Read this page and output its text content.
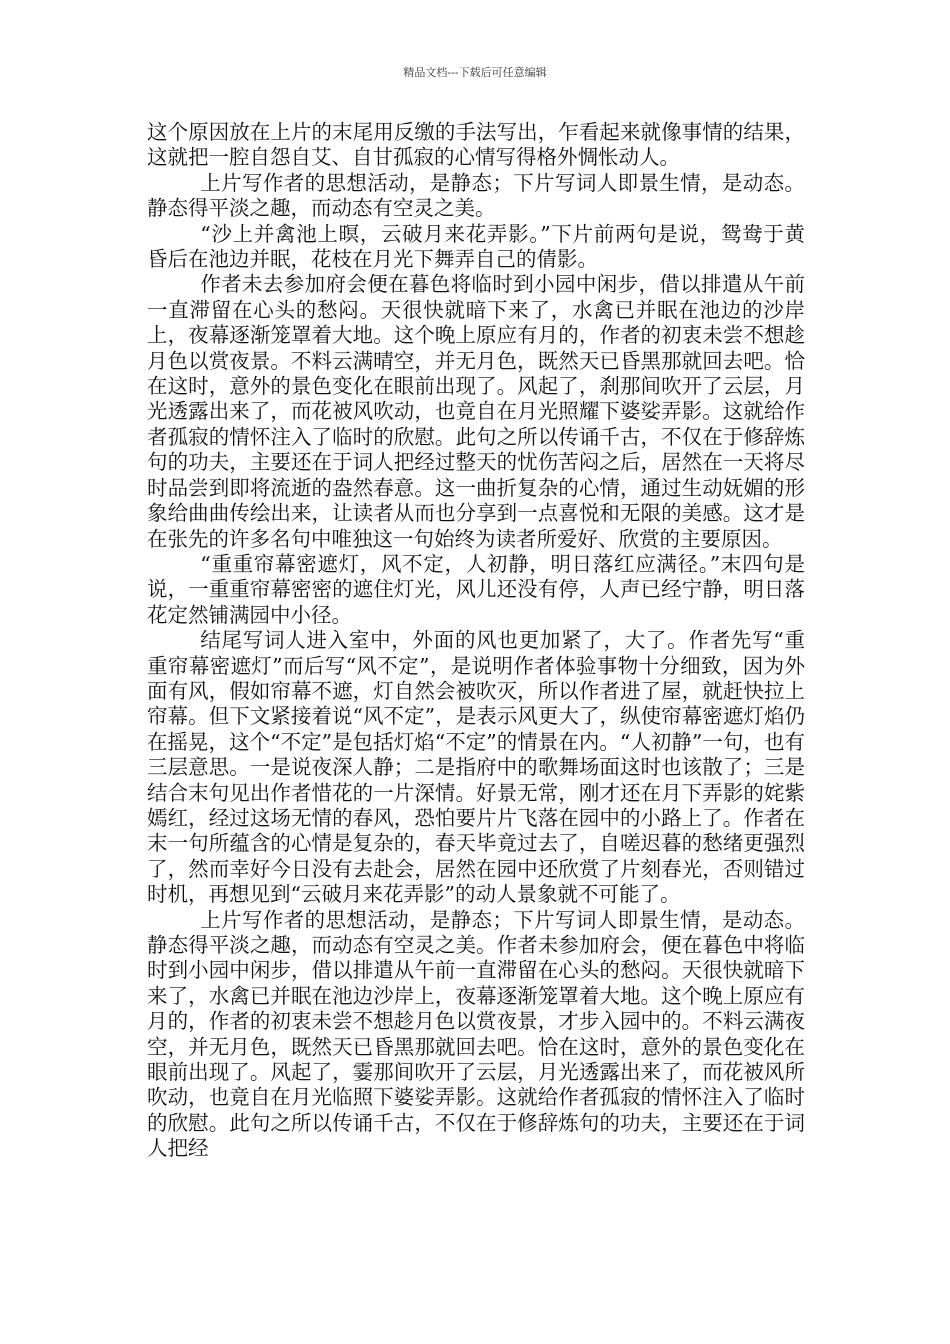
精品文档---下载后可任意编辑

这个原因放在上片的末尾用反缴的手法写出，乍看起来就像事情的结果，这就把一腔自怨自艾、自甘孤寂的心情写得格外惆怅动人。

上片写作者的思想活动，是静态；下片写词人即景生情，是动态。静态得平淡之趣，而动态有空灵之美。

“沙上并禽池上暝，云破月来花弄影。”下片前两句是说，鸳鸯于黄昏后在池边并眠，花枝在月光下舞弄自己的倩影。

作者未去参加府会便在暮色将临时到小园中闲步，借以排遣从午前一直滞留在心头的愁闷。天很快就暗下来了，水禽已并眠在池边的沙岸上，夜幕逐渐笼罩着大地。这个晚上原应有月的，作者的初衷未尝不想趁月色以赏夜景。不料云满晴空，并无月色，既然天已昏黑那就回去吧。恰在这时，意外的景色变化在眼前出现了。风起了，刹那间吹开了云层，月光透露出来了，而花被风吹动，也竟自在月光照耀下婆娑弄影。这就给作者孤寂的情怀注入了临时的欣慰。此句之所以传诵千古，不仅在于修辞炼句的功夫，主要还在于词人把经过整天的忧伤苦闷之后，居然在一天将尽时品尝到即将流逝的盎然春意。这一曲折复杂的心情，通过生动妩媚的形象给曲曲传绘出来，让读者从而也分享到一点喜悦和无限的美感。这才是在张先的许多名句中唯独这一句始终为读者所爱好、欣赏的主要原因。

“重重帘幕密遮灯，风不定，人初静，明日落红应满径。”末四句是说，一重重帘幕密密的遮住灯光，风儿还没有停，人声已经宁静，明日落花定然铺满园中小径。

结尾写词人进入室中，外面的风也更加紧了，大了。作者先写“重重帘幕密遮灯”而后写“风不定”，是说明作者体验事物十分细致，因为外面有风，假如帘幕不遮，灯自然会被吹灭，所以作者进了屋，就赶快拉上帘幕。但下文紧接着说“风不定”，是表示风更大了，纵使帘幕密遮灯焰仍在摇晃，这个“不定”是包括灯焰“不定”的情景在内。“人初静”一句，也有三层意思。一是说夜深人静；二是指府中的歌舞场面这时也该散了；三是结合末句见出作者惜花的一片深情。好景无常，刚才还在月下弄影的姹紫嫣红，经过这场无情的春风，恐怕要片片飞落在园中的小路上了。作者在末一句所蕴含的心情是复杂的，春天毕竟过去了，自嗟迟暮的愁绪更强烈了，然而幸好今日没有去赴会，居然在园中还欣赏了片刻春光，否则错过时机，再想见到“云破月来花弄影”的动人景象就不可能了。

上片写作者的思想活动，是静态；下片写词人即景生情，是动态。静态得平淡之趣，而动态有空灵之美。作者未参加府会，便在暮色中将临时到小园中闲步，借以排遣从午前一直滞留在心头的愁闷。天很快就暗下来了，水禽已并眠在池边沙岸上，夜幕逐渐笼罩着大地。这个晚上原应有月的，作者的初衷未尝不想趁月色以赏夜景，才步入园中的。不料云满夜空，并无月色，既然天已昏黑那就回去吧。恰在这时，意外的景色变化在眼前出现了。风起了，霎那间吹开了云层，月光透露出来了，而花被风所吹动，也竟自在月光临照下婆娑弄影。这就给作者孤寂的情怀注入了临时的欣慰。此句之所以传诵千古，不仅在于修辞炼句的功夫，主要还在于词人把经
